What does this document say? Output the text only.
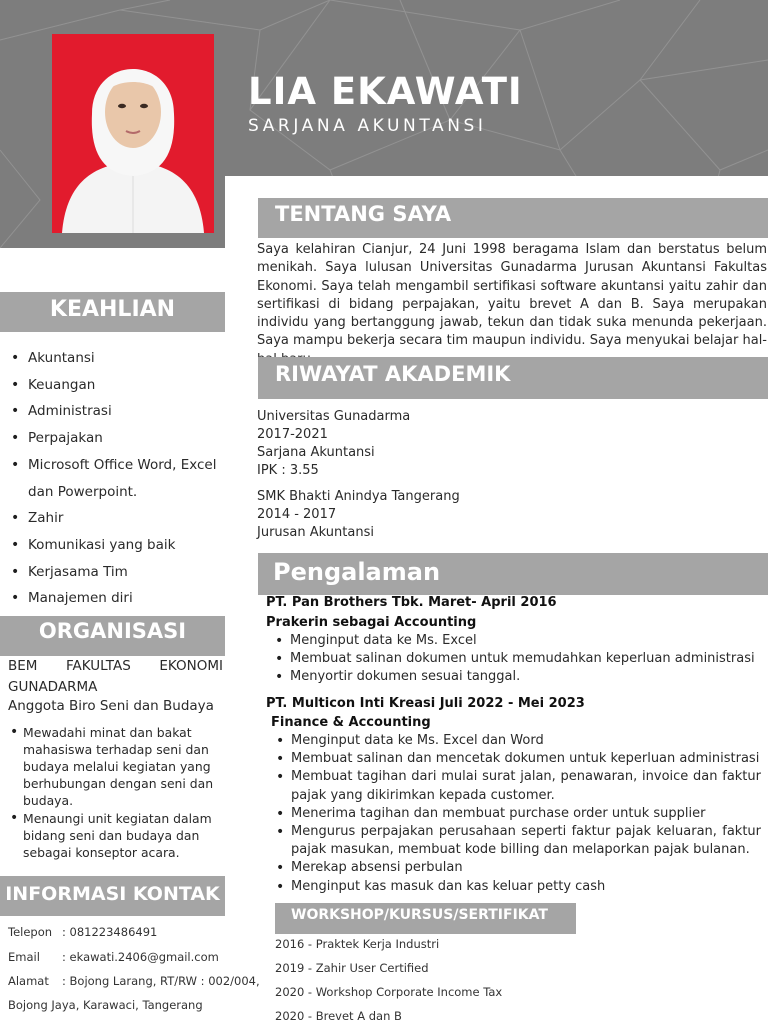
LIA EKAWATI
SARJANA AKUNTANSI
TENTANG SAYA
Saya kelahiran Cianjur, 24 Juni 1998 beragama Islam dan berstatus belum menikah. Saya lulusan Universitas Gunadarma Jurusan Akuntansi Fakultas Ekonomi. Saya telah mengambil sertifikasi software akuntansi yaitu zahir dan sertifikasi di bidang perpajakan, yaitu brevet A dan B. Saya merupakan individu yang bertanggung jawab, tekun dan tidak suka menunda pekerjaan. Saya mampu bekerja secara tim maupun individu. Saya menyukai belajar hal-
KEAHLIAN
• Akuntansi
• Keuangan
• Administrasi
• Perpajakan
• Microsoft Office Word, Excel dan Powerpoint.
• Zahir
• Komunikasi yang baik
• Kerjasama Tim
• Manajemen diri
RIWAYAT AKADEMIK
Universitas Gunadarma
2017-2021
Sarjana Akuntansi
IPK : 3.55
SMK Bhakti Anindya Tangerang
2014 - 2017
Jurusan Akuntansi
Pengalaman
PT. Pan Brothers Tbk. Maret- April 2016
Prakerin sebagai Accounting
• Menginput data ke Ms. Excel
• Membuat salinan dokumen untuk memudahkan keperluan administrasi
• Menyortir dokumen sesuai tanggal.
PT. Multicon Inti Kreasi Juli 2022 - Mei 2023
Finance & Accounting
• Menginput data ke Ms. Excel dan Word
• Membuat salinan dan mencetak dokumen untuk keperluan administrasi
• Membuat tagihan dari mulai surat jalan, penawaran, invoice dan faktur pajak yang dikirimkan kepada customer.
• Menerima tagihan dan membuat purchase order untuk supplier
• Mengurus perpajakan perusahaan seperti faktur pajak keluaran, faktur pajak masukan, membuat kode billing dan melaporkan pajak bulanan.
• Merekap absensi perbulan
• Menginput kas masuk dan kas keluar petty cash
ORGANISASI
BEM FAKULTAS EKONOMI
GUNADARMA
Anggota Biro Seni dan Budaya
• Mewadahi minat dan bakat mahasiswa terhadap seni dan budaya melalui kegiatan yang berhubungan dengan seni dan budaya.
• Menaungi unit kegiatan dalam bidang seni dan budaya dan sebagai konseptor acara.
INFORMASI KONTAK
Telepon : 081223486491
Email : ekawati.2406@gmail.com
Alamat : Bojong Larang, RT/RW : 002/004,
Bojong Jaya, Karawaci, Tangerang
WORKSHOP/KURSUS/SERTIFIKAT
2016 - Praktek Kerja Industri
2019 - Zahir User Certified
2020 - Workshop Corporate Income Tax
2020 - Brevet A dan B
